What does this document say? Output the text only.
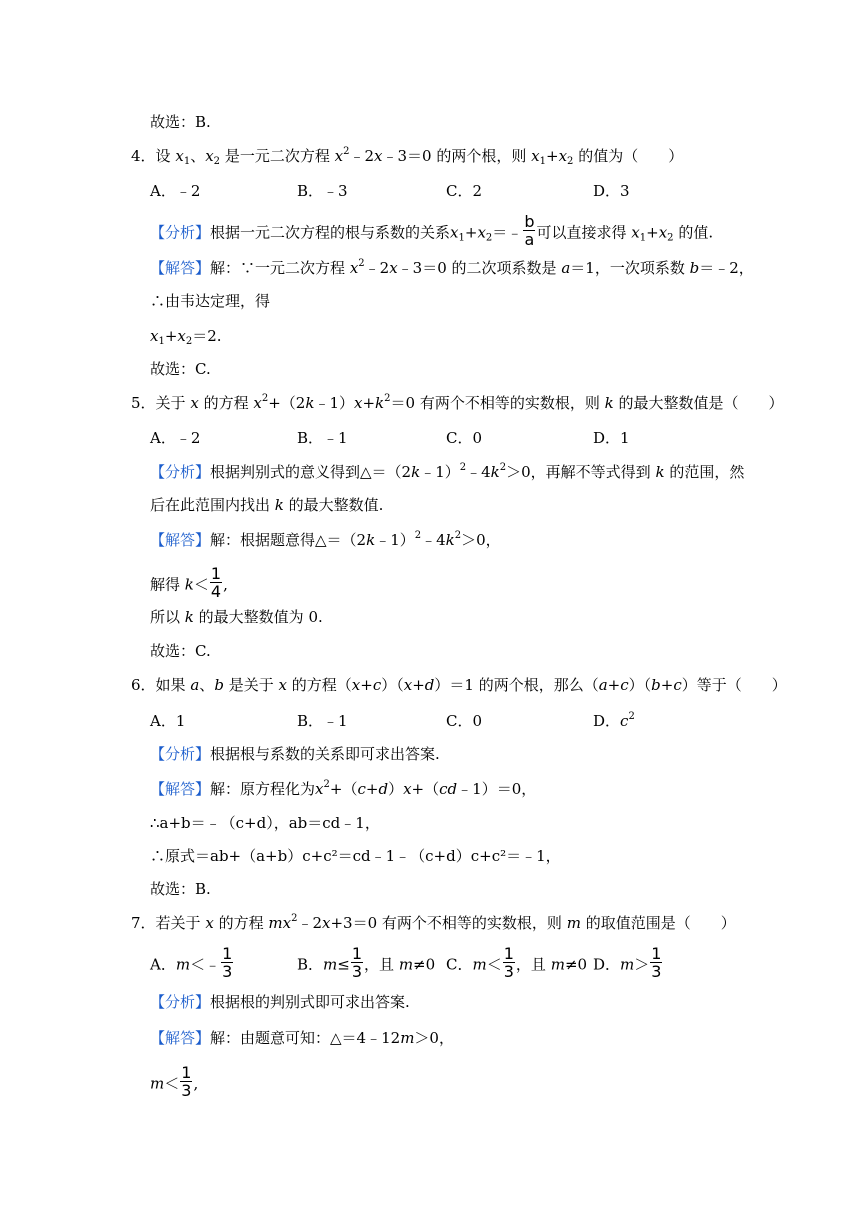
故选：B.
4．设 $x_1$、$x_2$ 是一元二次方程 $x^2﹣2x﹣3=0$ 的两个根，则 $x_1+x_2$ 的值为（　　）
A．﹣2	B．﹣3	C．2	D．3
【分析】根据一元二次方程的根与系数的关系$x_1+x_2=﹣ \frac{b}{a}$ 可以直接求得 $x_1+x_2$ 的值.
【解答】解：∵一元二次方程 $x^2﹣2x﹣3=0$ 的二次项系数是 a＝1，一次项系数 b＝﹣2，
∴由韦达定理，得
$x_1+x_2=2$.
故选：C.
5．关于 x 的方程 $x^2+(2k﹣1)x+k^2=0$ 有两个不相等的实数根，则 k 的最大整数值是（　　）
A．﹣2	B．﹣1	C．0	D．1
【分析】根据判别式的意义得到$\triangle=(2k﹣1)^2﹣4k^2>0$，再解不等式得到 k 的范围，然
后在此范围内找出 k 的最大整数值.
【解答】解：根据题意得$\triangle=(2k﹣1)^2﹣4k^2>0$，
解得 $k< \frac{1}{4}$ ,
所以 k 的最大整数值为 0.
故选：C.
6．如果 a、b 是关于 x 的方程（x+c）（x+d）＝1 的两个根，那么（a+c）（b+c）等于（　　）
A．1	B．﹣1	C．0	D．$c^2$
【分析】根据根与系数的关系即可求出答案.
【解答】解：原方程化为$x^2+(c+d)x+(cd﹣1)=0$，
∴a+b＝﹣（c+d），ab＝cd﹣1，
∴原式＝ab+（a+b）c+c²＝cd﹣1﹣（c+d）c+c²＝﹣1，
故选：B.
7．若关于 x 的方程 $mx^2﹣2x+3=0$ 有两个不相等的实数根，则 m 的取值范围是（　　）
A．m＜﹣ $\frac{1}{3}$	B．$m\le \frac{1}{3}$ ，且 m≠0 C．$m< \frac{1}{3}$ ，且 m≠0 D．$m> \frac{1}{3}$
【分析】根据根的判别式即可求出答案.
【解答】解：由题意可知：△＝4﹣12m＞0，
$m< \frac{1}{3}$ ,
